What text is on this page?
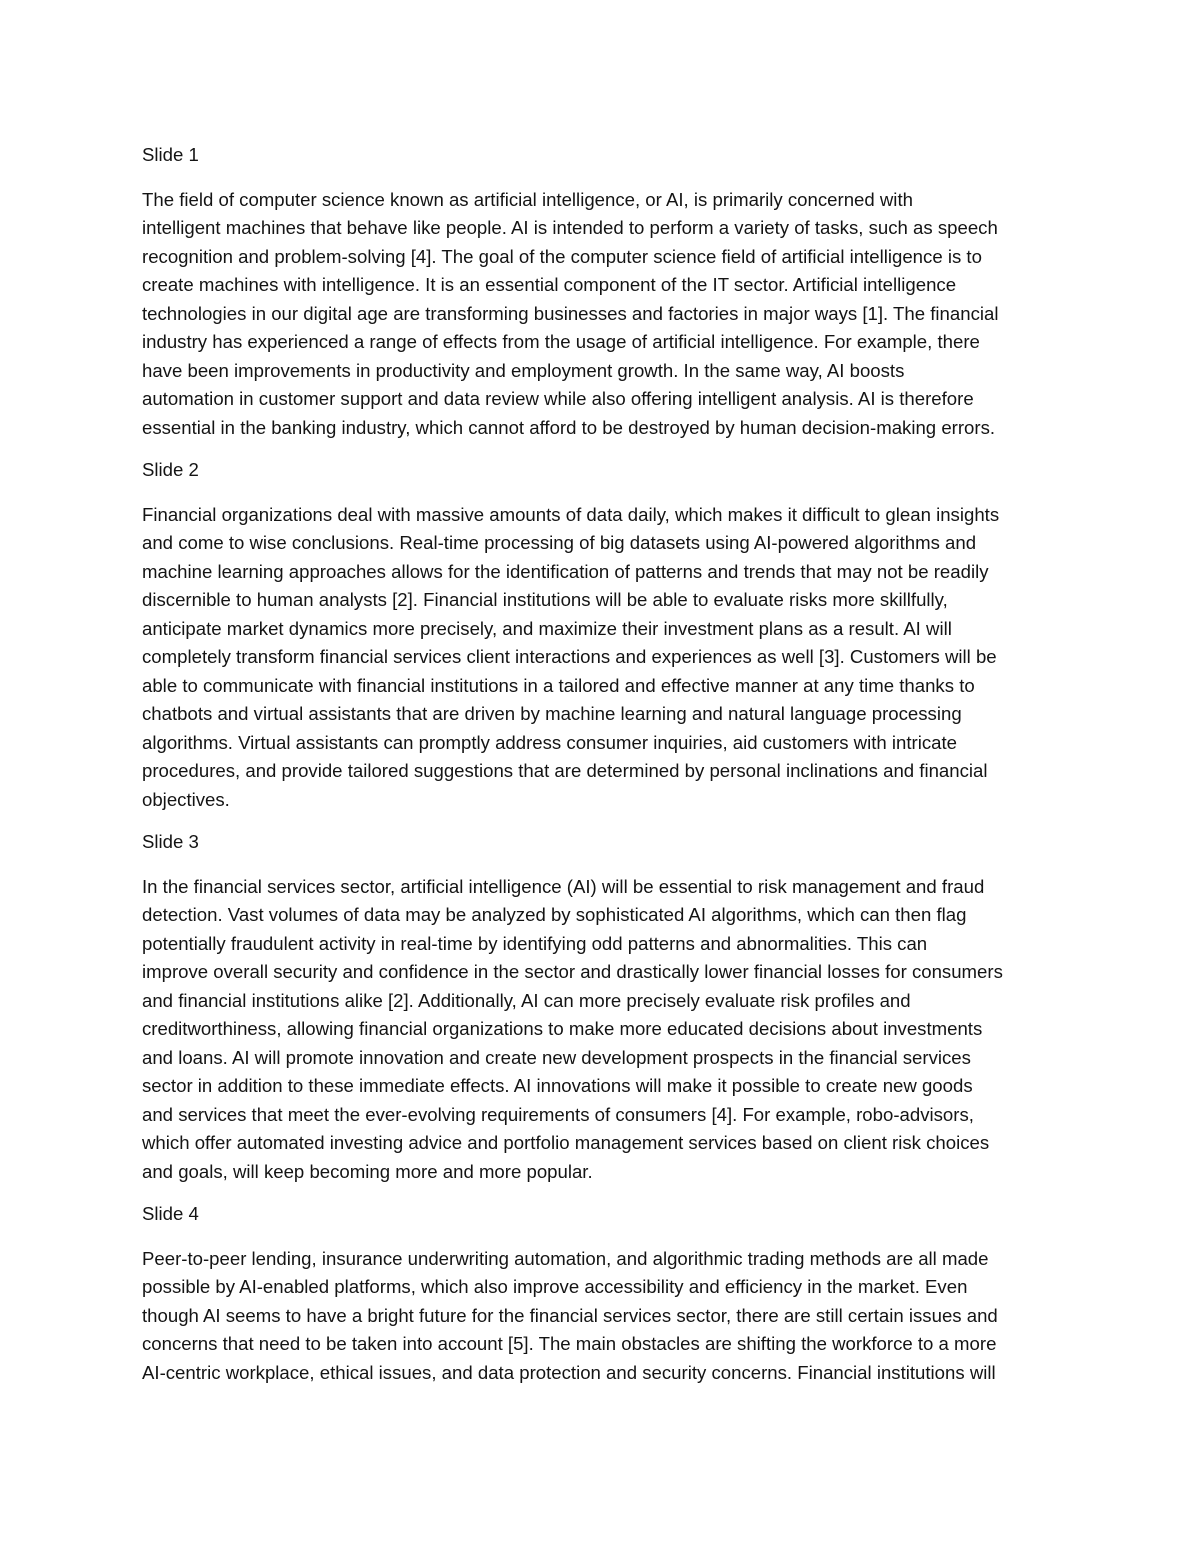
Slide 1

The field of computer science known as artificial intelligence, or AI, is primarily concerned with
intelligent machines that behave like people. AI is intended to perform a variety of tasks, such as speech
recognition and problem-solving [4]. The goal of the computer science field of artificial intelligence is to
create machines with intelligence. It is an essential component of the IT sector. Artificial intelligence
technologies in our digital age are transforming businesses and factories in major ways [1]. The financial
industry has experienced a range of effects from the usage of artificial intelligence. For example, there
have been improvements in productivity and employment growth. In the same way, AI boosts
automation in customer support and data review while also offering intelligent analysis. AI is therefore
essential in the banking industry, which cannot afford to be destroyed by human decision-making errors.

Slide 2

Financial organizations deal with massive amounts of data daily, which makes it difficult to glean insights
and come to wise conclusions. Real-time processing of big datasets using AI-powered algorithms and
machine learning approaches allows for the identification of patterns and trends that may not be readily
discernible to human analysts [2]. Financial institutions will be able to evaluate risks more skillfully,
anticipate market dynamics more precisely, and maximize their investment plans as a result. AI will
completely transform financial services client interactions and experiences as well [3]. Customers will be
able to communicate with financial institutions in a tailored and effective manner at any time thanks to
chatbots and virtual assistants that are driven by machine learning and natural language processing
algorithms. Virtual assistants can promptly address consumer inquiries, aid customers with intricate
procedures, and provide tailored suggestions that are determined by personal inclinations and financial
objectives.

Slide 3

In the financial services sector, artificial intelligence (AI) will be essential to risk management and fraud
detection. Vast volumes of data may be analyzed by sophisticated AI algorithms, which can then flag
potentially fraudulent activity in real-time by identifying odd patterns and abnormalities. This can
improve overall security and confidence in the sector and drastically lower financial losses for consumers
and financial institutions alike [2]. Additionally, AI can more precisely evaluate risk profiles and
creditworthiness, allowing financial organizations to make more educated decisions about investments
and loans. AI will promote innovation and create new development prospects in the financial services
sector in addition to these immediate effects. AI innovations will make it possible to create new goods
and services that meet the ever-evolving requirements of consumers [4]. For example, robo-advisors,
which offer automated investing advice and portfolio management services based on client risk choices
and goals, will keep becoming more and more popular.

Slide 4

Peer-to-peer lending, insurance underwriting automation, and algorithmic trading methods are all made
possible by AI-enabled platforms, which also improve accessibility and efficiency in the market. Even
though AI seems to have a bright future for the financial services sector, there are still certain issues and
concerns that need to be taken into account [5]. The main obstacles are shifting the workforce to a more
AI-centric workplace, ethical issues, and data protection and security concerns. Financial institutions will
